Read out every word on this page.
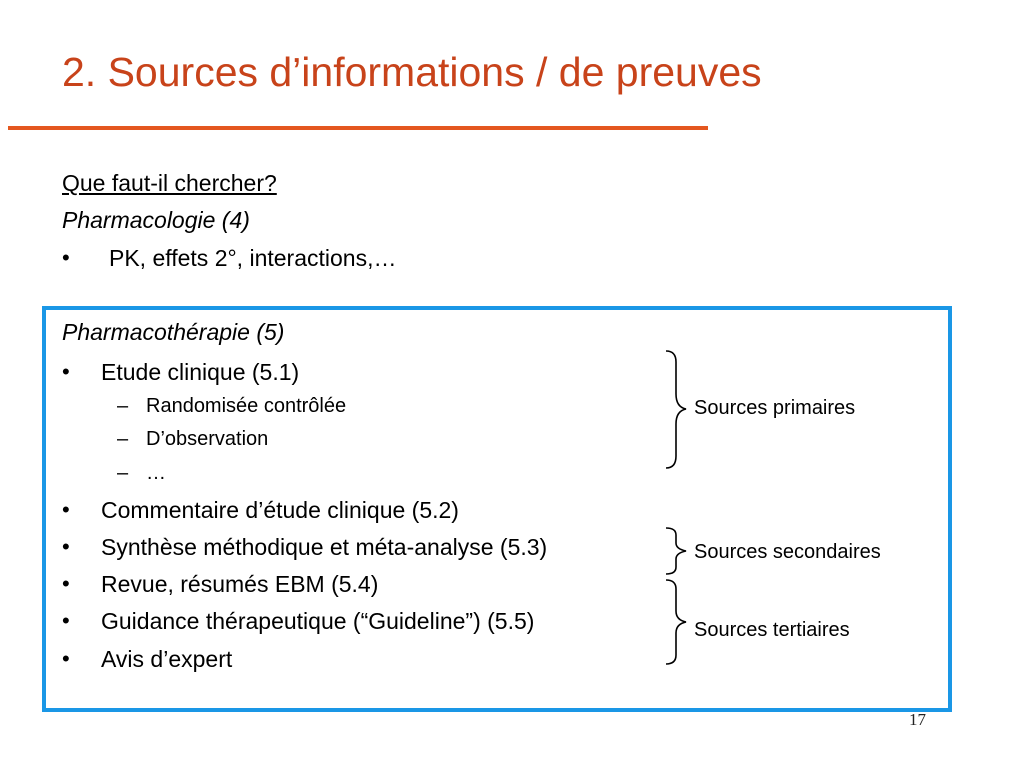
2. Sources d’informations / de preuves
Que faut-il chercher?
Pharmacologie (4)
• PK, effets 2°, interactions,…
Pharmacothérapie (5)
• Etude clinique (5.1)
– Randomisée contrôlée
– D’observation
– …
• Commentaire d’étude clinique (5.2)
• Synthèse méthodique et méta-analyse (5.3)
• Revue, résumés EBM (5.4)
• Guidance thérapeutique (“Guideline”) (5.5)
• Avis d’expert
Sources primaires
Sources secondaires
Sources tertiaires
17
